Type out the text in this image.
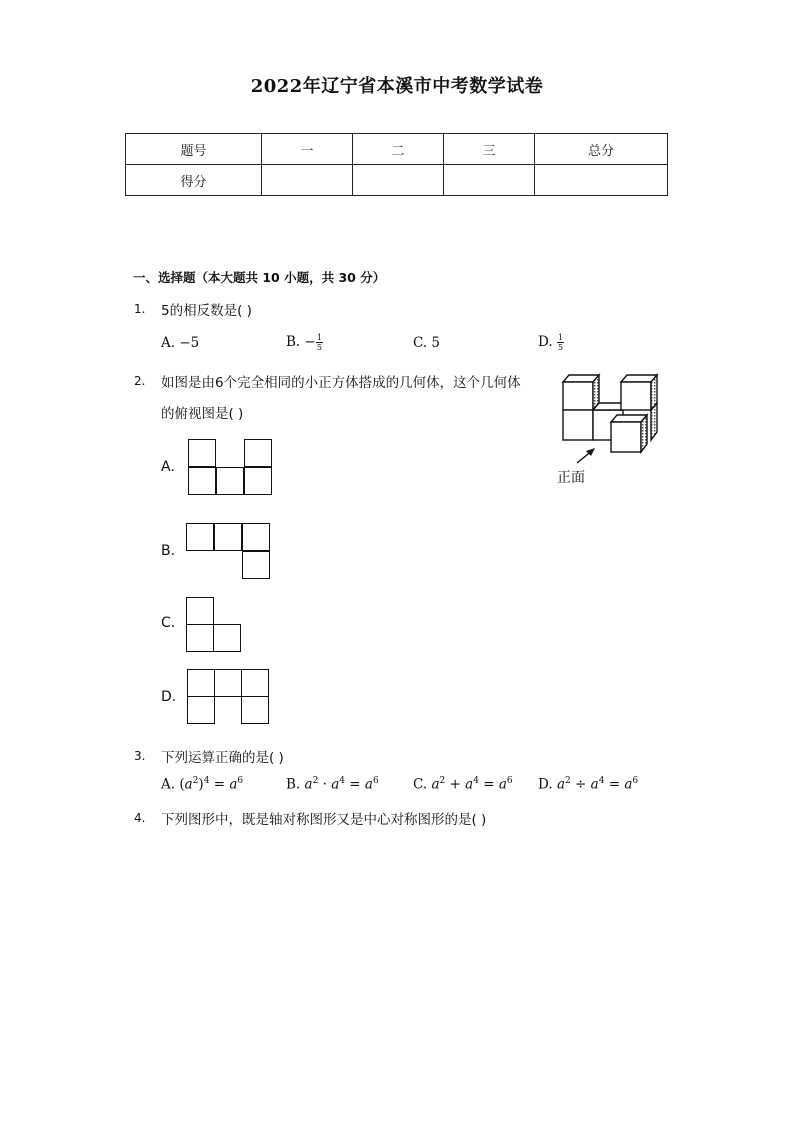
2022年辽宁省本溪市中考数学试卷
题号	一	二	三	总分
得分				
一、选择题（本大题共 10 小题，共 30 分）
1. 5的相反数是( )
A. −5	B. − $\frac{1}{5}$	C. 5	D. $\frac{1}{5}$
2. 如图是由6个完全相同的小正方体搭成的几何体，这个几何体
的俯视图是( )
正面
A.
B.
C.
D.
3. 下列运算正确的是( )
A. $(a^2)^4 = a^6$	B. $a^2 \cdot a^4 = a^6$	C. $a^2 + a^4 = a^6$ D. $a^2 \div a^4 = a^6$
4. 下列图形中，既是轴对称图形又是中心对称图形的是( )
